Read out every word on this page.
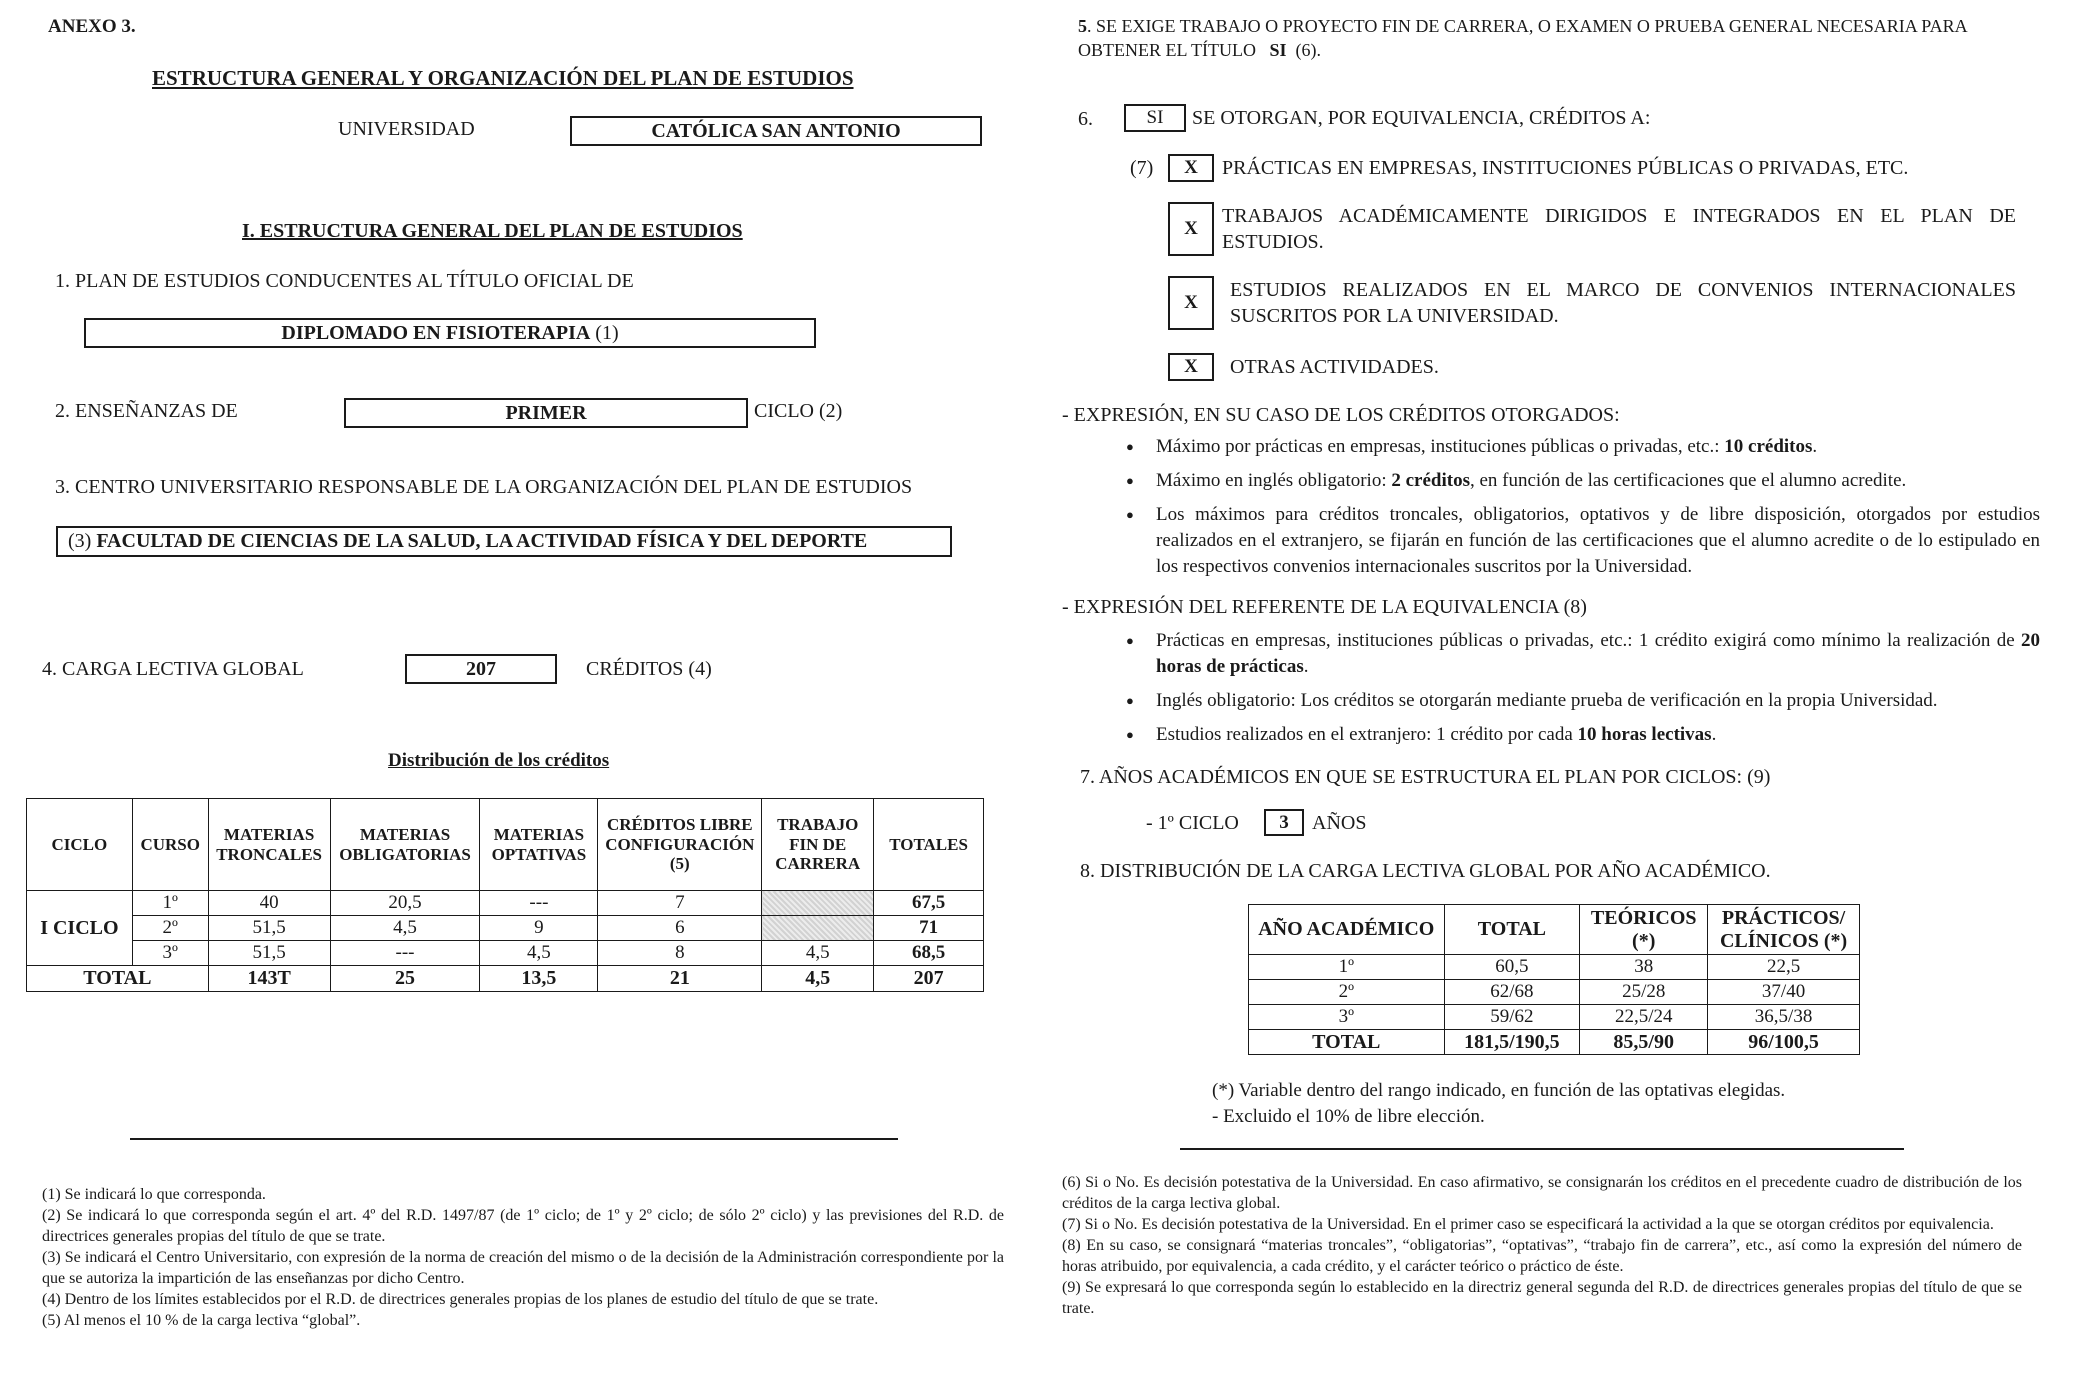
ANEXO 3.
ESTRUCTURA GENERAL Y ORGANIZACIÓN DEL PLAN DE ESTUDIOS
UNIVERSIDAD	CATÓLICA SAN ANTONIO
I. ESTRUCTURA GENERAL DEL PLAN DE ESTUDIOS
1. PLAN DE ESTUDIOS CONDUCENTES AL TÍTULO OFICIAL DE
DIPLOMADO EN FISIOTERAPIA
(1)
2. ENSEÑANZAS DE	PRIMER	CICLO (2)
3. CENTRO UNIVERSITARIO RESPONSABLE DE LA ORGANIZACIÓN DEL PLAN DE ESTUDIOS
(3)
FACULTAD DE CIENCIAS DE LA SALUD, LA ACTIVIDAD FÍSICA Y DEL DEPORTE
4. CARGA LECTIVA GLOBAL	207	CRÉDITOS (4)
Distribución de los créditos
CICLO	CURSO	MATERIAS TRONCALES	MATERIAS OBLIGATORIAS	MATERIAS OPTATIVAS	CRÉDITOS LIBRE CONFIGURACIÓN (5)	TRABAJO FIN DE CARRERA	TOTALES
I CICLO	1º	40	20,5	---	7		67,5
	2º	51,5	4,5	9	6		71
	3º	51,5	---	4,5	8	4,5	68,5
TOTAL		143T	25	13,5	21	4,5	207

(1) Se indicará lo que corresponda.

(2) Se indicará lo que corresponda según el art. 4º del R.D. 1497/87 (de 1º ciclo; de 1º y 2º ciclo; de sólo 2º ciclo) y las previsiones del R.D. de directrices generales propias del título de que se trate.

(3) Se indicará el Centro Universitario, con expresión de la norma de creación del mismo o de la decisión de la Administración correspondiente por la que se autoriza la impartición de las enseñanzas por dicho Centro.

(4) Dentro de los límites establecidos por el R.D. de directrices generales propias de los planes de estudio del título de que se trate.

(5) Al menos el 10 % de la carga lectiva “global”.

5. SE EXIGE TRABAJO O PROYECTO FIN DE CARRERA, O EXAMEN O PRUEBA GENERAL NECESARIA PARA
OBTENER EL TÍTULO SI (6).
6.	SI	SE OTORGAN, POR EQUIVALENCIA, CRÉDITOS A:
(7)	X	PRÁCTICAS EN EMPRESAS, INSTITUCIONES PÚBLICAS O PRIVADAS, ETC.
X
TRABAJOS ACADÉMICAMENTE DIRIGIDOS E INTEGRADOS EN EL PLAN DE ESTUDIOS.
X
ESTUDIOS REALIZADOS EN EL MARCO DE CONVENIOS INTERNACIONALES SUSCRITOS POR LA UNIVERSIDAD.
X	OTRAS ACTIVIDADES.
- EXPRESIÓN, EN SU CASO DE LOS CRÉDITOS OTORGADOS:
● Máximo por prácticas en empresas, instituciones públicas o privadas, etc.: 10 créditos.
● Máximo en inglés obligatorio: 2 créditos, en función de las certificaciones que el alumno acredite.
● Los máximos para créditos troncales, obligatorios, optativos y de libre disposición, otorgados por estudios realizados en el extranjero, se fijarán en función de las certificaciones que el alumno acredite o de lo estipulado en los respectivos convenios internacionales suscritos por la Universidad.
- EXPRESIÓN DEL REFERENTE DE LA EQUIVALENCIA (8)
● Prácticas en empresas, instituciones públicas o privadas, etc.: 1 crédito exigirá como mínimo la realización de 20 horas de prácticas.
● Inglés obligatorio: Los créditos se otorgarán mediante prueba de verificación en la propia Universidad.
● Estudios realizados en el extranjero: 1 crédito por cada 10 horas lectivas.
7. AÑOS ACADÉMICOS EN QUE SE ESTRUCTURA EL PLAN POR CICLOS: (9)
- 1º CICLO	3	AÑOS
8. DISTRIBUCIÓN DE LA CARGA LECTIVA GLOBAL POR AÑO ACADÉMICO.
AÑO ACADÉMICO	TOTAL	TEÓRICOS (*)	PRÁCTICOS/ CLÍNICOS (*)
1º	60,5	38	22,5
2º	62/68	25/28	37/40
3º	59/62	22,5/24	36,5/38
TOTAL	181,5/190,5	85,5/90	96/100,5
(*) Variable dentro del rango indicado, en función de las optativas elegidas.
- Excluido el 10% de libre elección.

(6) Si o No. Es decisión potestativa de la Universidad. En caso afirmativo, se consignarán los créditos en el precedente cuadro de distribución de los créditos de la carga lectiva global.

(7) Si o No. Es decisión potestativa de la Universidad. En el primer caso se especificará la actividad a la que se otorgan créditos por equivalencia.

(8) En su caso, se consignará “materias troncales”, “obligatorias”, “optativas”, “trabajo fin de carrera”, etc., así como la expresión del número de horas atribuido, por equivalencia, a cada crédito, y el carácter teórico o práctico de éste.

(9) Se expresará lo que corresponda según lo establecido en la directriz general segunda del R.D. de directrices generales propias del título de que se trate.
